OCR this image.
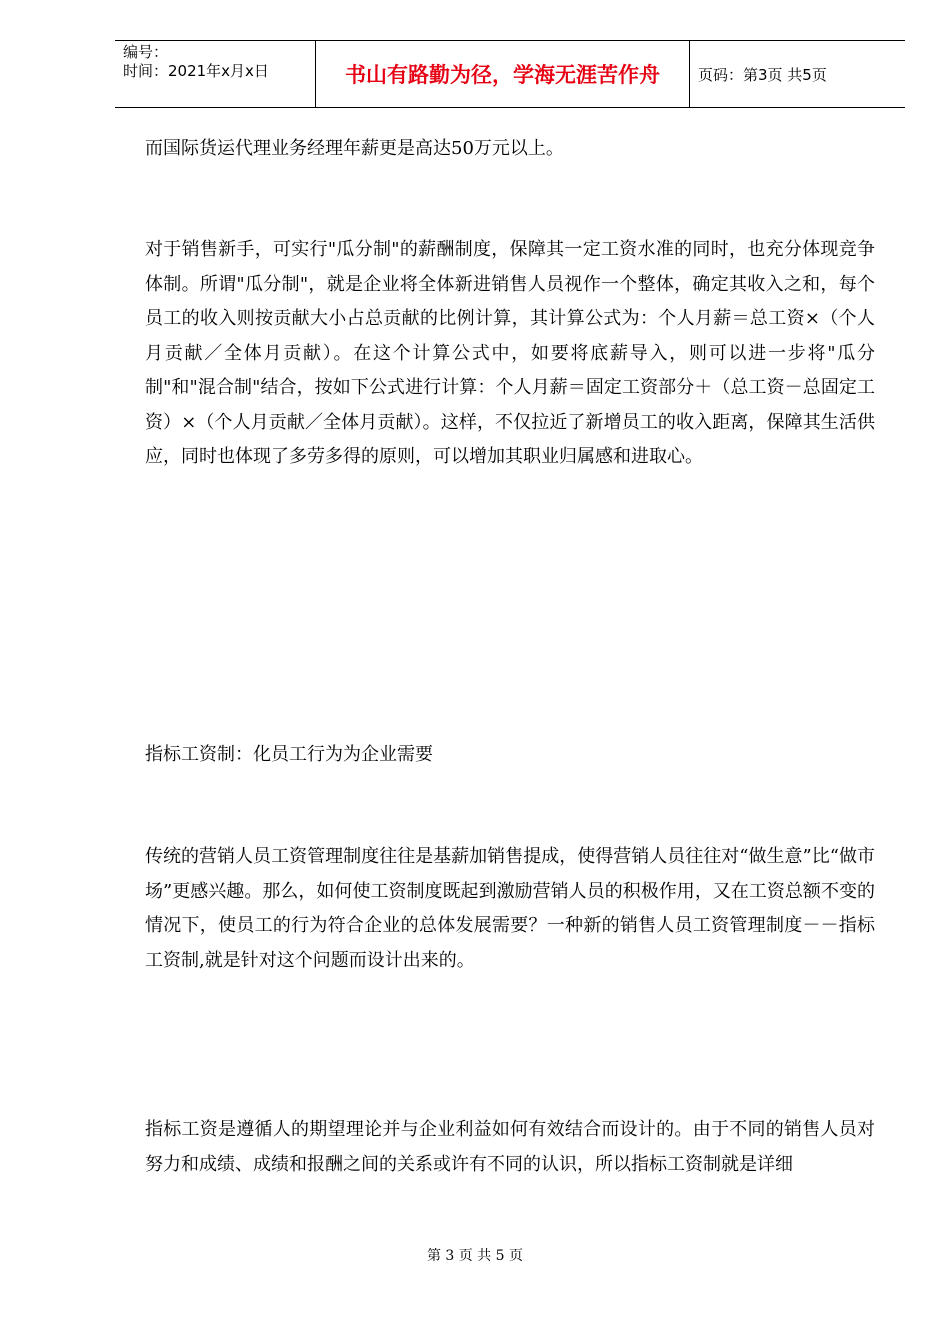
编号：
时间：2021年x月x日	书山有路勤为径，学海无涯苦作舟	页码：第3页 共5页

而国际货运代理业务经理年薪更是高达50万元以上。

对于销售新手，可实行"瓜分制"的薪酬制度，保障其一定工资水准的同时，也充分体现竞争体制。所谓"瓜分制"，就是企业将全体新进销售人员视作一个整体，确定其收入之和，每个员工的收入则按贡献大小占总贡献的比例计算，其计算公式为：个人月薪＝总工资×（个人月贡献／全体月贡献）。在这个计算公式中，如要将底薪导入，则可以进一步将"瓜分制"和"混合制"结合，按如下公式进行计算：个人月薪＝固定工资部分＋（总工资－总固定工资）×（个人月贡献／全体月贡献）。这样，不仅拉近了新增员工的收入距离，保障其生活供应，同时也体现了多劳多得的原则，可以增加其职业归属感和进取心。

指标工资制：化员工行为为企业需要

传统的营销人员工资管理制度往往是基薪加销售提成，使得营销人员往往对“做生意”比“做市场”更感兴趣。那么，如何使工资制度既起到激励营销人员的积极作用，又在工资总额不变的情况下，使员工的行为符合企业的总体发展需要？一种新的销售人员工资管理制度－－指标工资制,就是针对这个问题而设计出来的。

指标工资是遵循人的期望理论并与企业利益如何有效结合而设计的。由于不同的销售人员对努力和成绩、成绩和报酬之间的关系或许有不同的认识，所以指标工资制就是详细

第 3 页 共 5 页
